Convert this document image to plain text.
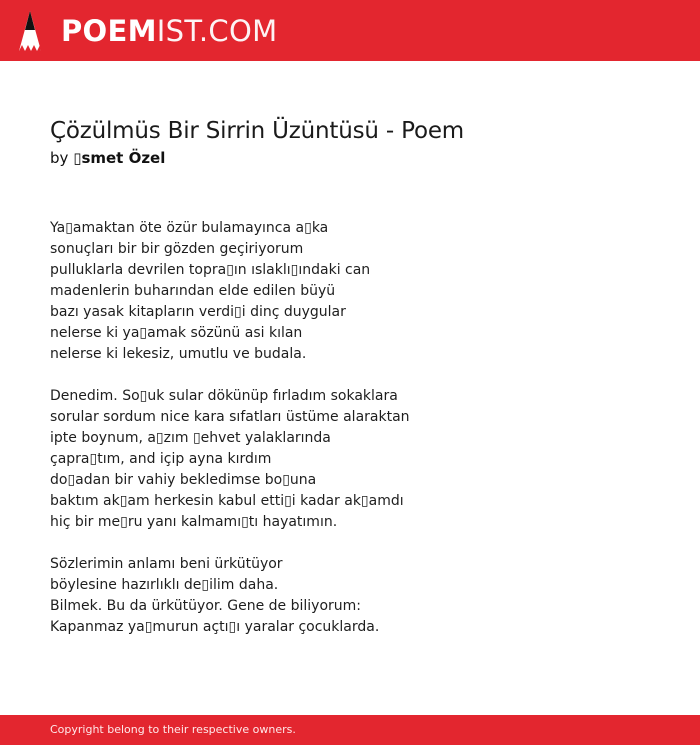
POEMIST.COM
Çözülmüs Bir Sirrin Üzüntüsü - Poem
by ▯smet Özel

Ya▯amaktan öte özür bulamayınca a▯ka
sonuçları bir bir gözden geçiriyorum
pulluklarla devrilen topra▯ın ıslaklı▯ındaki can
madenlerin buharından elde edilen büyü
bazı yasak kitapların verdi▯i dinç duygular
nelerse ki ya▯amak sözünü asi kılan
nelerse ki lekesiz, umutlu ve budala.

Denedim. So▯uk sular dökünüp fırladım sokaklara
sorular sordum nice kara sıfatları üstüme alaraktan
ipte boynum, a▯zım ▯ehvet yalaklarında
çapra▯tım, and içip ayna kırdım
do▯adan bir vahiy bekledimse bo▯una
baktım ak▯am herkesin kabul etti▯i kadar ak▯amdı
hiç bir me▯ru yanı kalmamı▯tı hayatımın.

Sözlerimin anlamı beni ürkütüyor
böylesine hazırlıklı de▯ilim daha.
Bilmek. Bu da ürkütüyor. Gene de biliyorum:
Kapanmaz ya▯murun açtı▯ı yaralar çocuklarda.

Copyright belong to their respective owners.
